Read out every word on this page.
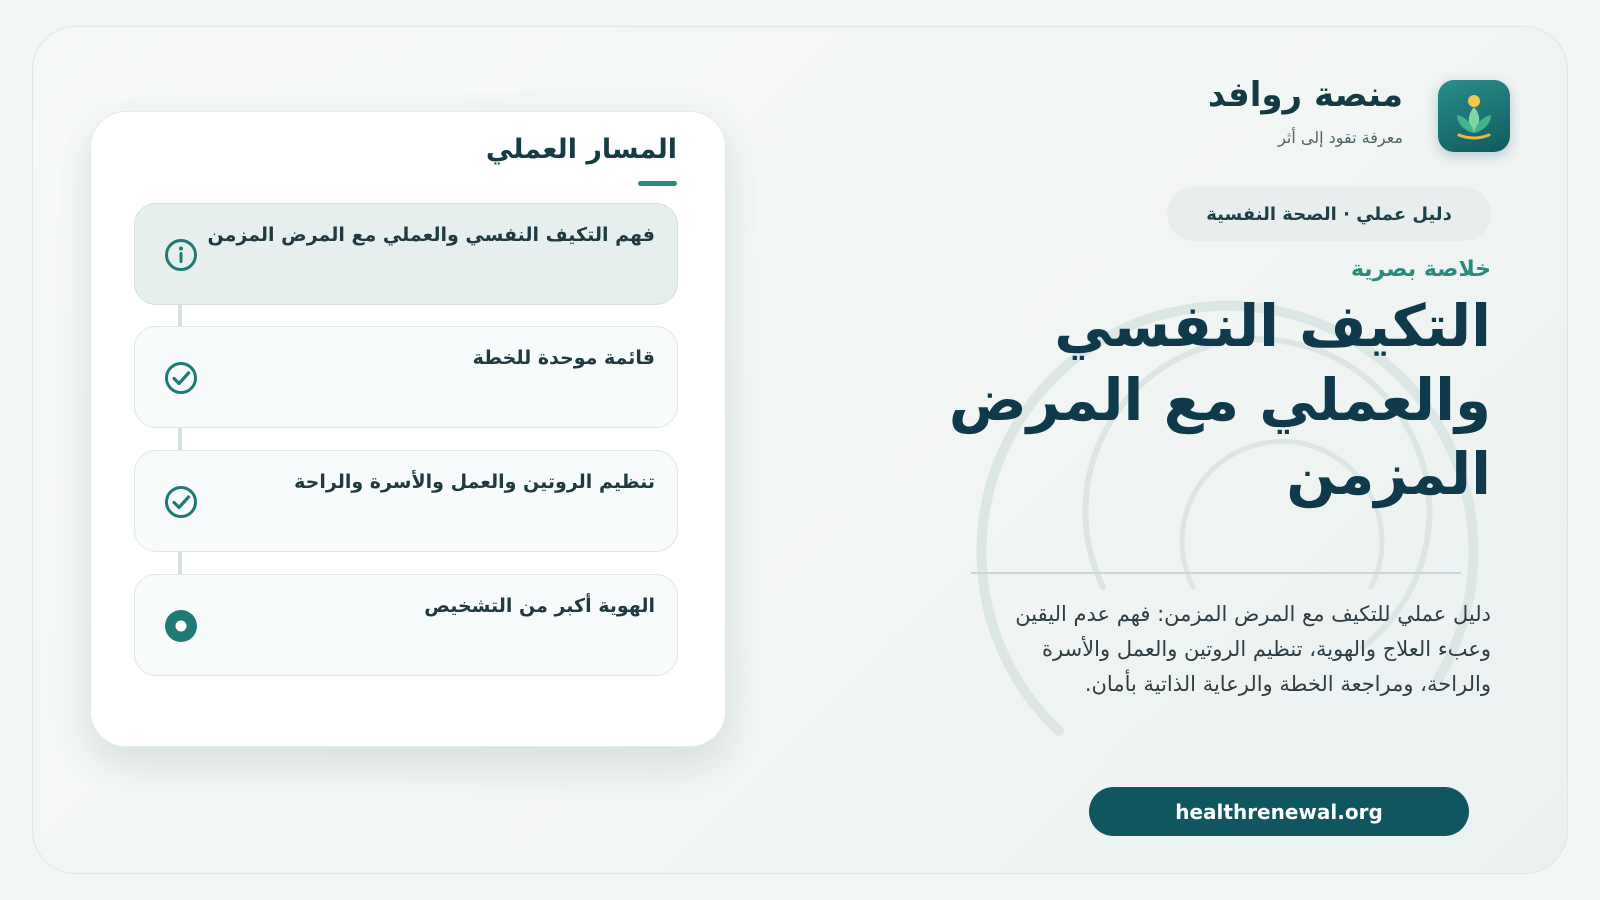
منصة روافد
معرفة تقود إلى أثر
دليل عملي · الصحة النفسية
خلاصة بصرية
التكيف النفسي والعملي مع المرض المزمن
دليل عملي للتكيف مع المرض المزمن: فهم عدم اليقين وعبء العلاج والهوية، تنظيم الروتين والعمل والأسرة والراحة، ومراجعة الخطة والرعاية الذاتية بأمان.
healthrenewal.org
المسار العملي
فهم التكيف النفسي والعملي مع المرض المزمن
قائمة موحدة للخطة
تنظيم الروتين والعمل والأسرة والراحة
الهوية أكبر من التشخيص
